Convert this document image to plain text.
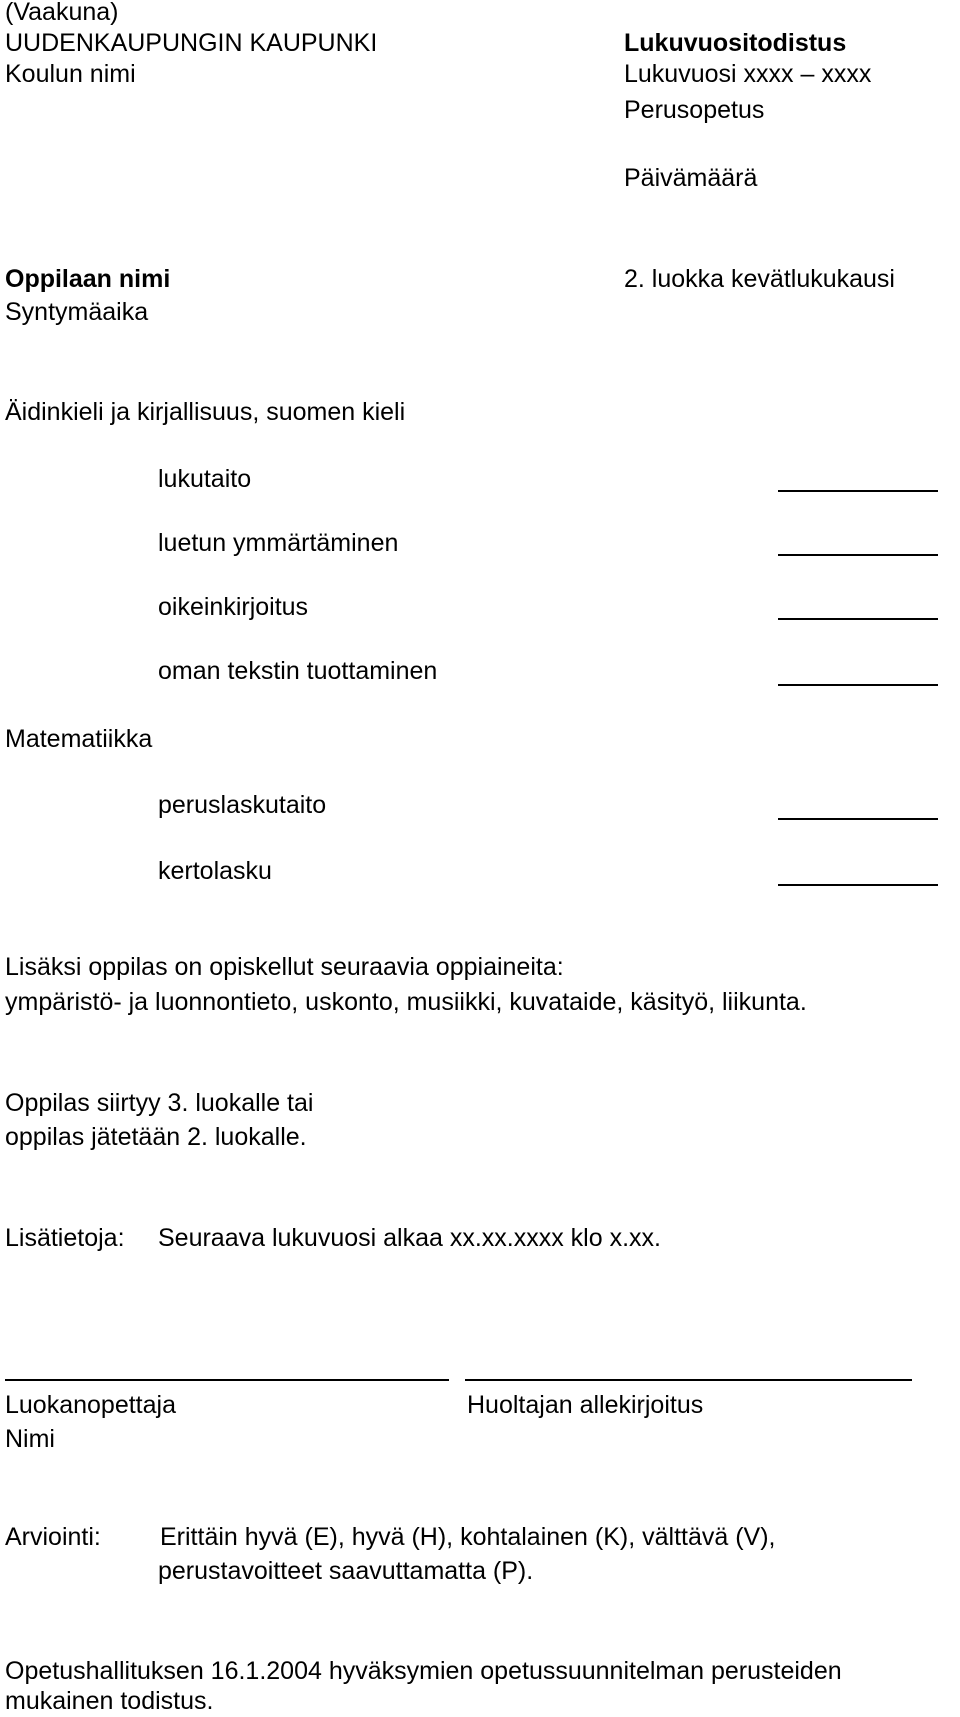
(Vaakuna)
UUDENKAUPUNGIN KAUPUNKI
Koulun nimi
Lukuvuositodistus
Lukuvuosi xxxx – xxxx
Perusopetus
Päivämäärä
Oppilaan nimi	2. luokka kevätlukukausi
Syntymäaika
Äidinkieli ja kirjallisuus, suomen kieli
lukutaito
luetun ymmärtäminen
oikeinkirjoitus
oman tekstin tuottaminen
Matematiikka
peruslaskutaito
kertolasku
Lisäksi oppilas on opiskellut seuraavia oppiaineita:
ympäristö- ja luonnontieto, uskonto, musiikki, kuvataide, käsityö, liikunta.
Oppilas siirtyy 3. luokalle tai
oppilas jätetään 2. luokalle.
Lisätietoja: Seuraava lukuvuosi alkaa xx.xx.xxxx klo x.xx.
Luokanopettaja
Nimi
Huoltajan allekirjoitus
Arviointi: Erittäin hyvä (E), hyvä (H), kohtalainen (K), välttävä (V),
perustavoitteet saavuttamatta (P).
Opetushallituksen 16.1.2004 hyväksymien opetussuunnitelman perusteiden
mukainen todistus.
